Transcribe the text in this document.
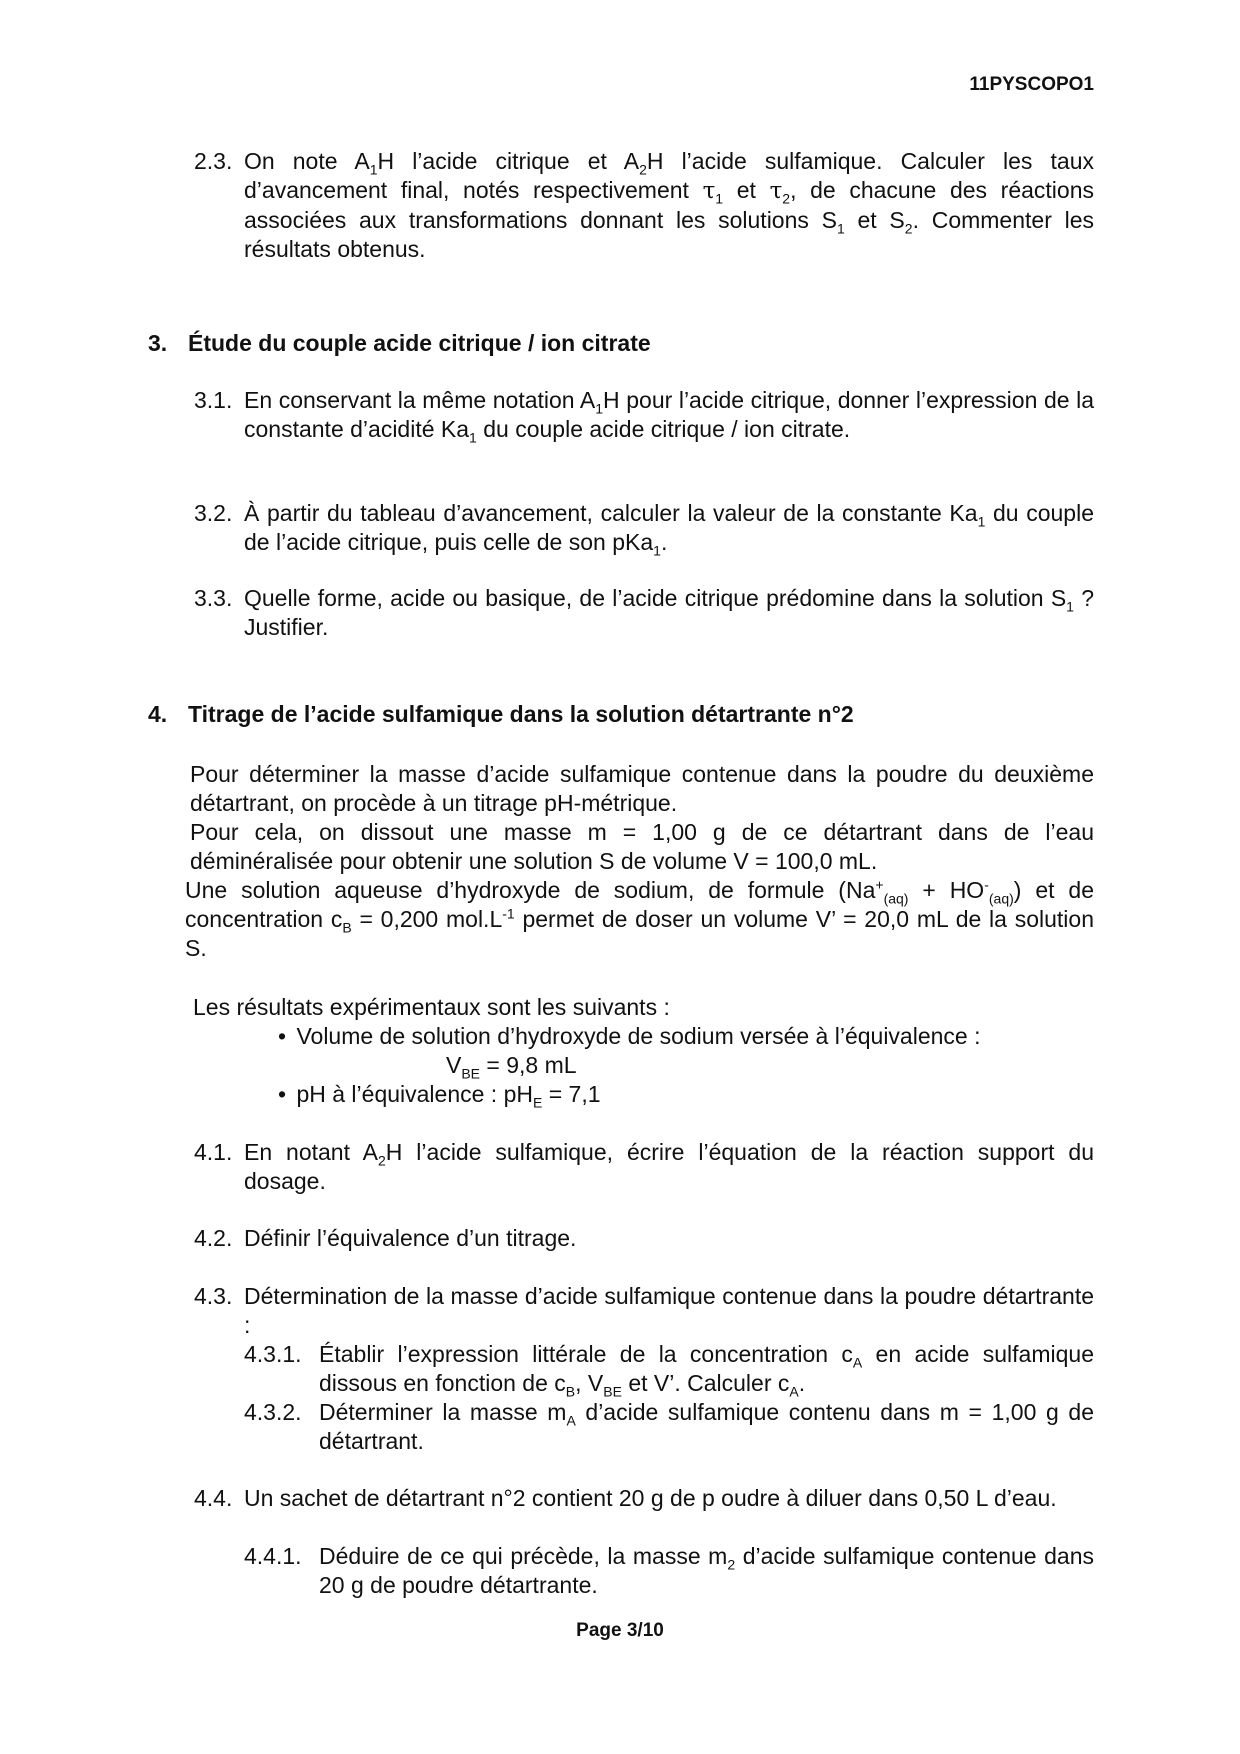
11PYSCOPO1
2.3. On note $A_1H$ l’acide citrique et $A_2H$ l’acide sulfamique. Calculer les taux d’avancement final, notés respectivement $\tau_1$ et $\tau_2$, de chacune des réactions associées aux transformations donnant les solutions $S_1$ et $S_2$. Commenter les résultats obtenus.
3. Étude du couple acide citrique / ion citrate
3.1. En conservant la même notation $A_1H$ pour l’acide citrique, donner l’expression de la constante d’acidité $Ka_1$ du couple acide citrique / ion citrate.
3.2. À partir du tableau d’avancement, calculer la valeur de la constante $Ka_1$ du couple de l’acide citrique, puis celle de son pKa$_1$.
3.3. Quelle forme, acide ou basique, de l’acide citrique prédomine dans la solution $S_1$ ? Justifier.
4. Titrage de l’acide sulfamique dans la solution détartrante n°2
Pour déterminer la masse d’acide sulfamique contenue dans la poudre du deuxième détartrant, on procède à un titrage pH-métrique.
Pour cela, on dissout une masse m = 1,00 g de ce détartrant dans de l’eau déminéralisée pour obtenir une solution S de volume V = 100,0 mL.
Une solution aqueuse d’hydroxyde de sodium, de formule $(Na^+_{(aq)} + HO^-_{(aq)})$ et de concentration $c_B = 0,200$ $mol.L^{-1}$ permet de doser un volume V’ = 20,0 mL de la solution S.
Les résultats expérimentaux sont les suivants :
• Volume de solution d’hydroxyde de sodium versée à l’équivalence :
$V_{BE} = 9,8$ mL
• pH à l’équivalence : $pH_E = 7,1$
4.1. En notant $A_2H$ l’acide sulfamique, écrire l’équation de la réaction support du dosage.
4.2. Définir l’équivalence d’un titrage.
4.3. Détermination de la masse d’acide sulfamique contenue dans la poudre détartrante :
4.3.1. Établir l’expression littérale de la concentration $c_A$ en acide sulfamique dissous en fonction de $c_B$, $V_{BE}$ et V’. Calculer $c_A$.
4.3.2. Déterminer la masse $m_A$ d’acide sulfamique contenu dans m = 1,00 g de détartrant.
4.4. Un sachet de détartrant n°2 contient 20 g de p oudre à diluer dans 0,50 L d’eau.
4.4.1. Déduire de ce qui précède, la masse $m_2$ d’acide sulfamique contenue dans 20 g de poudre détartrante.
Page 3/10
